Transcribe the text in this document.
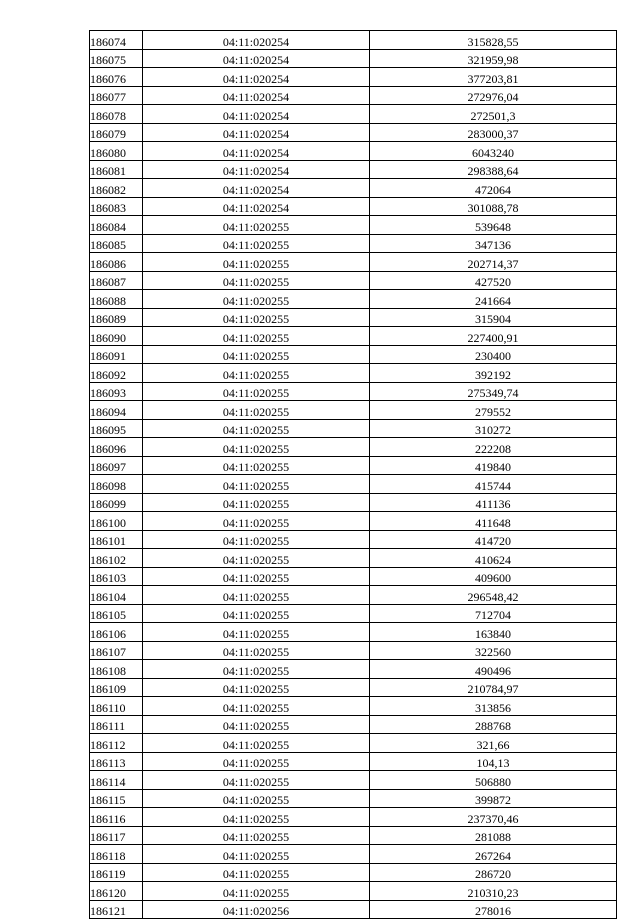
186074	04:11:020254	315828,55
186075	04:11:020254	321959,98
186076	04:11:020254	377203,81
186077	04:11:020254	272976,04
186078	04:11:020254	272501,3
186079	04:11:020254	283000,37
186080	04:11:020254	6043240
186081	04:11:020254	298388,64
186082	04:11:020254	472064
186083	04:11:020254	301088,78
186084	04:11:020255	539648
186085	04:11:020255	347136
186086	04:11:020255	202714,37
186087	04:11:020255	427520
186088	04:11:020255	241664
186089	04:11:020255	315904
186090	04:11:020255	227400,91
186091	04:11:020255	230400
186092	04:11:020255	392192
186093	04:11:020255	275349,74
186094	04:11:020255	279552
186095	04:11:020255	310272
186096	04:11:020255	222208
186097	04:11:020255	419840
186098	04:11:020255	415744
186099	04:11:020255	411136
186100	04:11:020255	411648
186101	04:11:020255	414720
186102	04:11:020255	410624
186103	04:11:020255	409600
186104	04:11:020255	296548,42
186105	04:11:020255	712704
186106	04:11:020255	163840
186107	04:11:020255	322560
186108	04:11:020255	490496
186109	04:11:020255	210784,97
186110	04:11:020255	313856
186111	04:11:020255	288768
186112	04:11:020255	321,66
186113	04:11:020255	104,13
186114	04:11:020255	506880
186115	04:11:020255	399872
186116	04:11:020255	237370,46
186117	04:11:020255	281088
186118	04:11:020255	267264
186119	04:11:020255	286720
186120	04:11:020255	210310,23
186121	04:11:020256	278016
